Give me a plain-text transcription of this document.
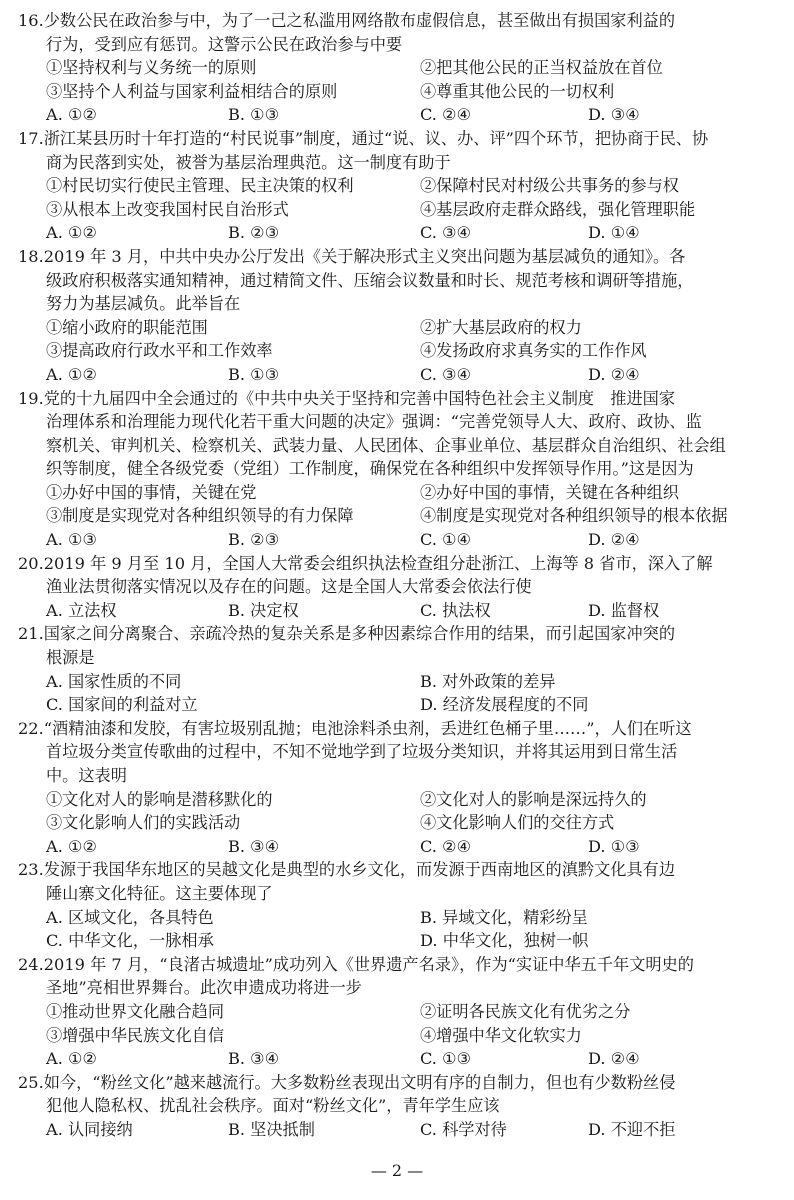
16.少数公民在政治参与中，为了一己之私滥用网络散布虚假信息，甚至做出有损国家利益的
行为，受到应有惩罚。这警示公民在政治参与中要
①坚持权利与义务统一的原则	②把其他公民的正当权益放在首位
③坚持个人利益与国家利益相结合的原则	④尊重其他公民的一切权利
A. ①②	B. ①③	C. ②④	D. ③④
17.浙江某县历时十年打造的“村民说事”制度，通过“说、议、办、评”四个环节，把协商于民、协
商为民落到实处，被誉为基层治理典范。这一制度有助于
①村民切实行使民主管理、民主决策的权利	②保障村民对村级公共事务的参与权
③从根本上改变我国村民自治形式	④基层政府走群众路线，强化管理职能
A. ①②	B. ②③	C. ③④	D. ①④
18.2019 年 3 月，中共中央办公厅发出《关于解决形式主义突出问题为基层减负的通知》。各
级政府积极落实通知精神，通过精简文件、压缩会议数量和时长、规范考核和调研等措施，
努力为基层减负。此举旨在
①缩小政府的职能范围	②扩大基层政府的权力
③提高政府行政水平和工作效率	④发扬政府求真务实的工作作风
A. ①②	B. ①③	C. ③④	D. ②④
19.党的十九届四中全会通过的《中共中央关于坚持和完善中国特色社会主义制度　推进国家
治理体系和治理能力现代化若干重大问题的决定》强调：“完善党领导人大、政府、政协、监
察机关、审判机关、检察机关、武装力量、人民团体、企事业单位、基层群众自治组织、社会组
织等制度，健全各级党委（党组）工作制度，确保党在各种组织中发挥领导作用。”这是因为
①办好中国的事情，关键在党	②办好中国的事情，关键在各种组织
③制度是实现党对各种组织领导的有力保障	④制度是实现党对各种组织领导的根本依据
A. ①③	B. ②③	C. ①④	D. ②④
20.2019 年 9 月至 10 月，全国人大常委会组织执法检查组分赴浙江、上海等 8 省市，深入了解
渔业法贯彻落实情况以及存在的问题。这是全国人大常委会依法行使
A. 立法权	B. 决定权	C. 执法权	D. 监督权
21.国家之间分离聚合、亲疏冷热的复杂关系是多种因素综合作用的结果，而引起国家冲突的
根源是
A. 国家性质的不同	B. 对外政策的差异
C. 国家间的利益对立	D. 经济发展程度的不同
22.“酒精油漆和发胶，有害垃圾别乱抛；电池涂料杀虫剂，丢进红色桶子里……”，人们在听这
首垃圾分类宣传歌曲的过程中，不知不觉地学到了垃圾分类知识，并将其运用到日常生活
中。这表明
①文化对人的影响是潜移默化的	②文化对人的影响是深远持久的
③文化影响人们的实践活动	④文化影响人们的交往方式
A. ①②	B. ③④	C. ②④	D. ①③
23.发源于我国华东地区的吴越文化是典型的水乡文化，而发源于西南地区的滇黔文化具有边
陲山寨文化特征。这主要体现了
A. 区域文化，各具特色	B. 异域文化，精彩纷呈
C. 中华文化，一脉相承	D. 中华文化，独树一帜
24.2019 年 7 月，“良渚古城遗址”成功列入《世界遗产名录》，作为“实证中华五千年文明史的
圣地”亮相世界舞台。此次申遗成功将进一步
①推动世界文化融合趋同	②证明各民族文化有优劣之分
③增强中华民族文化自信	④增强中华文化软实力
A. ①②	B. ③④	C. ①③	D. ②④
25.如今，“粉丝文化”越来越流行。大多数粉丝表现出文明有序的自制力，但也有少数粉丝侵
犯他人隐私权、扰乱社会秩序。面对“粉丝文化”，青年学生应该
A. 认同接纳	B. 坚决抵制	C. 科学对待	D. 不迎不拒
— 2 —
